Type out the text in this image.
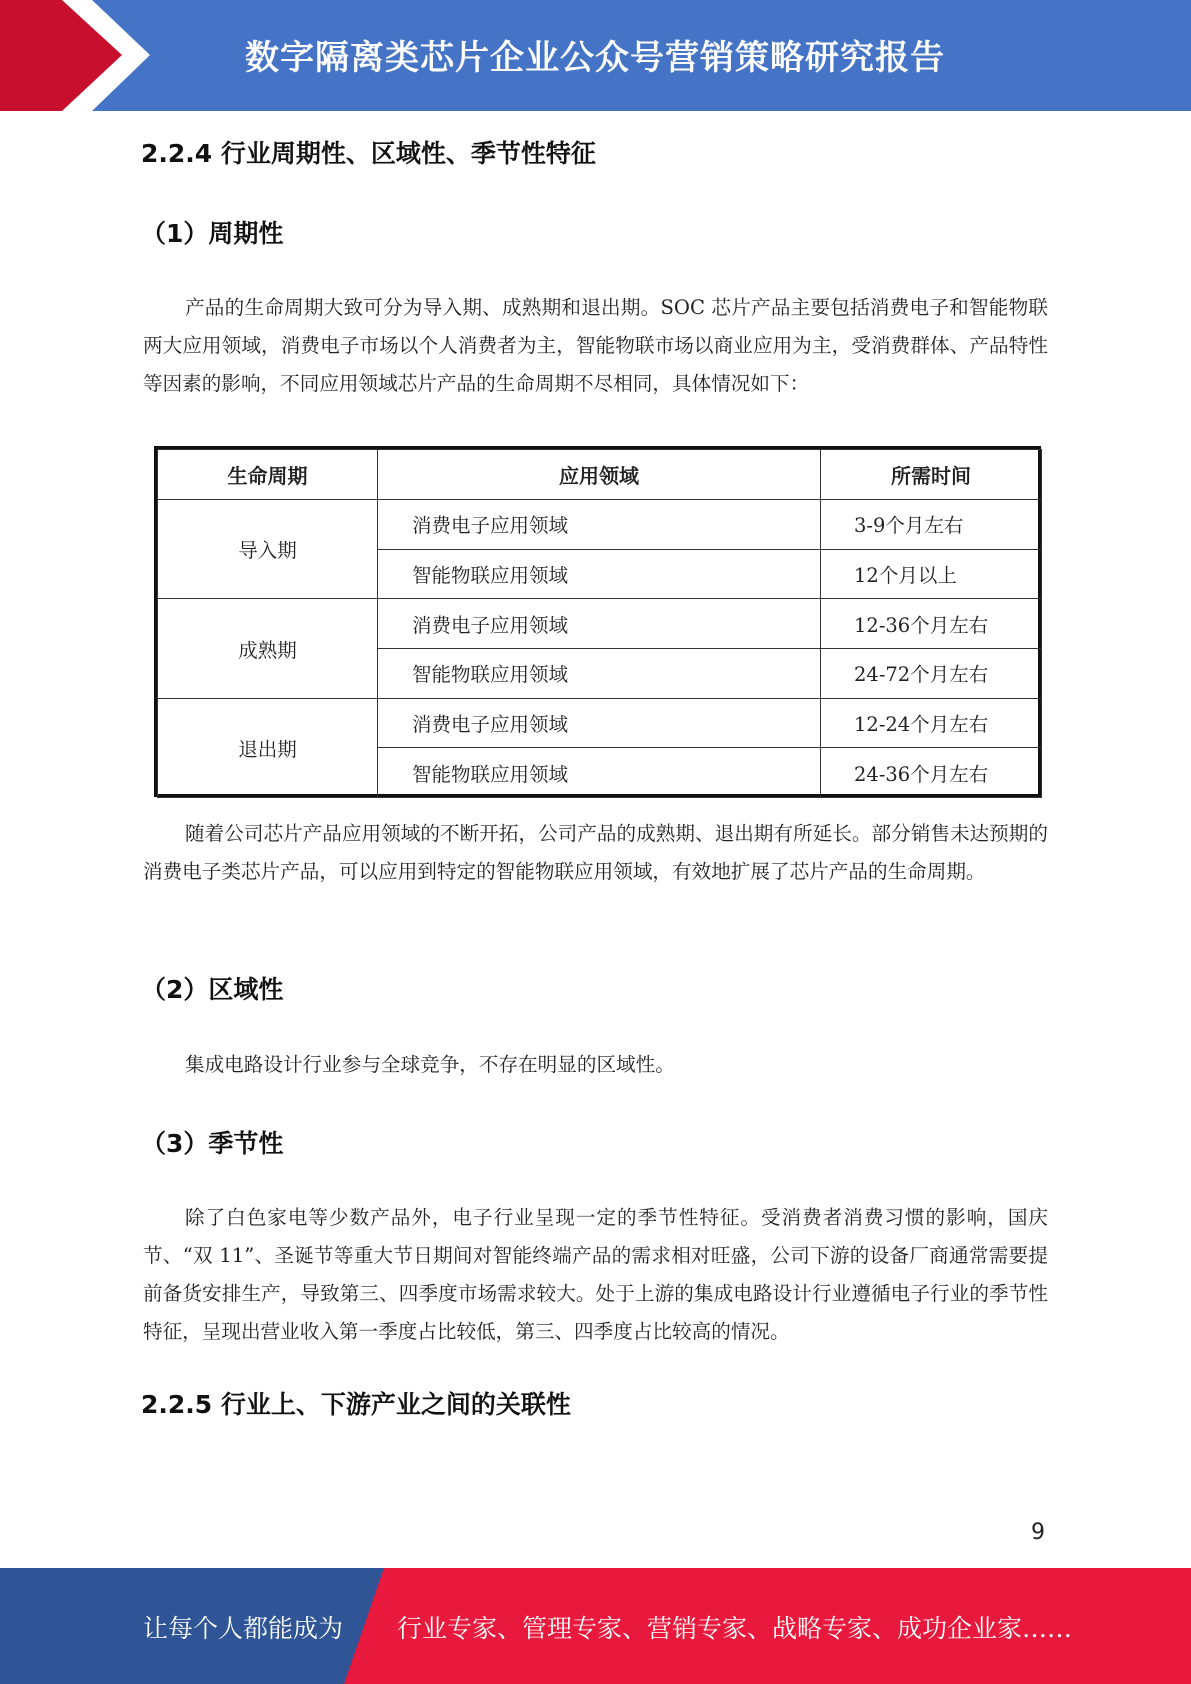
数字隔离类芯片企业公众号营销策略研究报告
2.2.4 行业周期性、区域性、季节性特征
（1）周期性

产品的生命周期大致可分为导入期、成熟期和退出期。SOC 芯片产品主要包括消费电子和智能物联两大应用领域，消费电子市场以个人消费者为主，智能物联市场以商业应用为主，受消费群体、产品特性等因素的影响，不同应用领域芯片产品的生命周期不尽相同，具体情况如下：

生命周期	应用领域	所需时间
导入期	消费电子应用领域	3-9个月左右
	智能物联应用领域	12个月以上
成熟期	消费电子应用领域	12-36个月左右
	智能物联应用领域	24-72个月左右
退出期	消费电子应用领域	12-24个月左右
	智能物联应用领域	24-36个月左右

随着公司芯片产品应用领域的不断开拓，公司产品的成熟期、退出期有所延长。部分销售未达预期的消费电子类芯片产品，可以应用到特定的智能物联应用领域，有效地扩展了芯片产品的生命周期。

（2）区域性

集成电路设计行业参与全球竞争，不存在明显的区域性。

（3）季节性

除了白色家电等少数产品外，电子行业呈现一定的季节性特征。受消费者消费习惯的影响，国庆节、“双 11”、圣诞节等重大节日期间对智能终端产品的需求相对旺盛，公司下游的设备厂商通常需要提前备货安排生产，导致第三、四季度市场需求较大。处于上游的集成电路设计行业遵循电子行业的季节性特征，呈现出营业收入第一季度占比较低，第三、四季度占比较高的情况。

2.2.5 行业上、下游产业之间的关联性
9
让每个人都能成为 行业专家、管理专家、营销专家、战略专家、成功企业家……
